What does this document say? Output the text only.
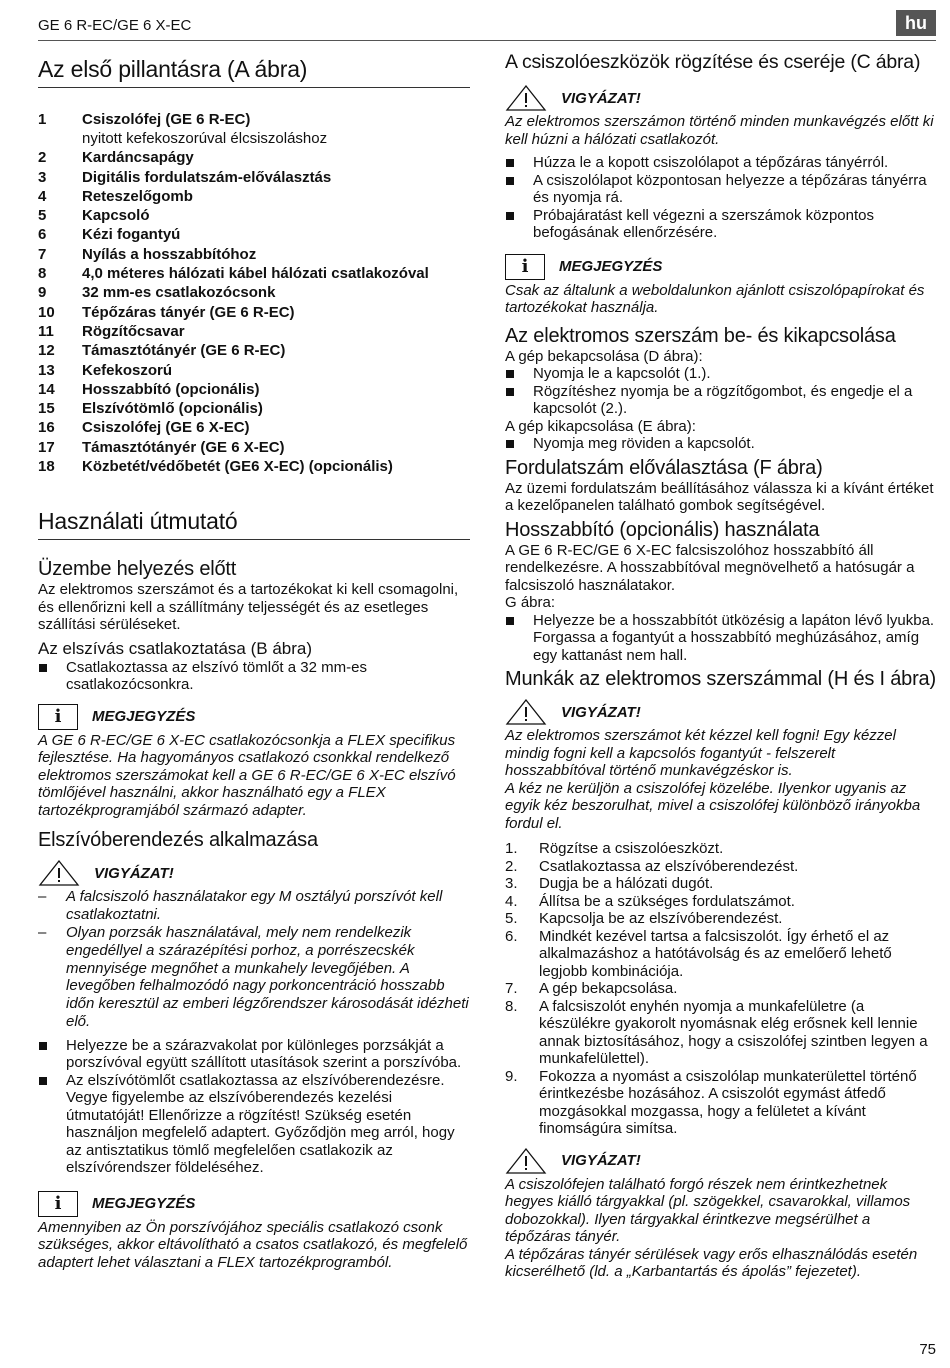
GE 6 R-EC/GE 6 X-EC	hu
Az első pillantásra (A ábra)
1	Csiszolófej (GE 6 R-EC)
nyitott kefekoszorúval élcsiszoláshoz
2	Kardáncsapágy
3	Digitális fordulatszám-előválasztás
4	Reteszelőgomb
5	Kapcsoló
6	Kézi fogantyú
7	Nyílás a hosszabbítóhoz
8	4,0 méteres hálózati kábel hálózati csatlakozóval
9	32 mm-es csatlakozócsonk
10	Tépőzáras tányér (GE 6 R-EC)
11	Rögzítőcsavar
12	Támasztótányér (GE 6 R-EC)
13	Kefekoszorú
14	Hosszabbító (opcionális)
15	Elszívótömlő (opcionális)
16	Csiszolófej (GE 6 X-EC)
17	Támasztótányér (GE 6 X-EC)
18	Közbetét/védőbetét (GE6 X-EC) (opcionális)
Használati útmutató
Üzembe helyezés előtt

Az elektromos szerszámot és a tartozékokat ki kell csomagolni, és ellenőrizni kell a szállítmány teljességét és az esetleges szállítási sérüléseket.

Az elszívás csatlakoztatása (B ábra)
Csatlakoztassa az elszívó tömlőt a 32 mm-es csatlakozócsonkra.
i	MEGJEGYZÉS

A GE 6 R-EC/GE 6 X-EC csatlakozócsonkja a FLEX specifikus fejlesztése. Ha hagyományos csatlakozó csonkkal rendelkező elektromos szerszámokat kell a GE 6 R-EC/GE 6 X-EC elszívó tömlőjével használni, akkor használható egy a FLEX tartozékprogramjából származó adapter.

Elszívóberendezés alkalmazása
VIGYÁZAT!
– A falcsiszoló használatakor egy M osztályú porszívót kell csatlakoztatni.
– Olyan porzsák használatával, mely nem rendelkezik engedéllyel a szárazépítési porhoz, a porrészecskék mennyisége megnőhet a munkahely levegőjében. A levegőben felhalmozódó nagy porkoncentráció hosszabb időn keresztül az emberi légzőrendszer károsodását idézheti elő.
Helyezze be a szárazvakolat por különleges porzsákját a porszívóval együtt szállított utasítások szerint a porszívóba.
Az elszívótömlőt csatlakoztassa az elszívóberendezésre. Vegye figyelembe az elszívóberendezés kezelési útmutatóját! Ellenőrizze a rögzítést! Szükség esetén használjon megfelelő adaptert. Győződjön meg arról, hogy az antisztatikus tömlő megfelelően csatlakozik az elszívórendszer földeléséhez.
i	MEGJEGYZÉS

Amennyiben az Ön porszívójához speciális csatlakozó csonk szükséges, akkor eltávolítható a csatos csatlakozó, és megfelelő adaptert lehet választani a FLEX tartozékprogramból.

A csiszolóeszközök rögzítése és cseréje (C ábra)
VIGYÁZAT!

Az elektromos szerszámon történő minden munkavégzés előtt ki kell húzni a hálózati csatlakozót.

Húzza le a kopott csiszolólapot a tépőzáras tányérról.
A csiszolólapot központosan helyezze a tépőzáras tányérra és nyomja rá.
Próbajáratást kell végezni a szerszámok központos befogásának ellenőrzésére.
i	MEGJEGYZÉS

Csak az általunk a weboldalunkon ajánlott csiszolópapírokat és tartozékokat használja.

Az elektromos szerszám be- és kikapcsolása

A gép bekapcsolása (D ábra):

Nyomja le a kapcsolót (1.).
Rögzítéshez nyomja be a rögzítőgombot, és engedje el a kapcsolót (2.).

A gép kikapcsolása (E ábra):

Nyomja meg röviden a kapcsolót.
Fordulatszám előválasztása (F ábra)

Az üzemi fordulatszám beállításához válassza ki a kívánt értéket a kezelőpanelen található gombok segítségével.

Hosszabbító (opcionális) használata

A GE 6 R-EC/GE 6 X-EC falcsiszolóhoz hosszabbító áll rendelkezésre. A hosszabbítóval megnövelhető a hatósugár a falcsiszoló használatakor.

G ábra:

Helyezze be a hosszabbítót ütközésig a lapáton lévő lyukba. Forgassa a fogantyút a hosszabbító meghúzásához, amíg egy kattanást nem hall.
Munkák az elektromos szerszámmal (H és I ábra)
VIGYÁZAT!

Az elektromos szerszámot két kézzel kell fogni! Egy kézzel mindig fogni kell a kapcsolós fogantyút - felszerelt hosszabbítóval történő munkavégzéskor is.

A kéz ne kerüljön a csiszolófej közelébe. Ilyenkor ugyanis az egyik kéz beszorulhat, mivel a csiszolófej különböző irányokba fordul el.

1.	Rögzítse a csiszolóeszközt.
2.	Csatlakoztassa az elszívóberendezést.
3.	Dugja be a hálózati dugót.
4.	Állítsa be a szükséges fordulatszámot.
5.	Kapcsolja be az elszívóberendezést.
6.	Mindkét kezével tartsa a falcsiszolót. Így érhető el az alkalmazáshoz a hatótávolság és az emelőerő lehető legjobb kombinációja.
7.	A gép bekapcsolása.
8.	A falcsiszolót enyhén nyomja a munkafelületre (a készülékre gyakorolt nyomásnak elég erősnek kell lennie annak biztosításához, hogy a csiszolófej szintben legyen a munkafelülettel).
9.	Fokozza a nyomást a csiszolólap munkaterülettel történő érintkezésbe hozásához. A csiszolót egymást átfedő mozgásokkal mozgassa, hogy a felületet a kívánt finomságúra simítsa.
VIGYÁZAT!

A csiszolófejen található forgó részek nem érintkezhetnek hegyes kiálló tárgyakkal (pl. szögekkel, csavarokkal, villamos dobozokkal). Ilyen tárgyakkal érintkezve megsérülhet a tépőzáras tányér.

A tépőzáras tányér sérülések vagy erős elhasználódás esetén kicserélhető (ld. a „Karbantartás és ápolás” fejezetet).

75
